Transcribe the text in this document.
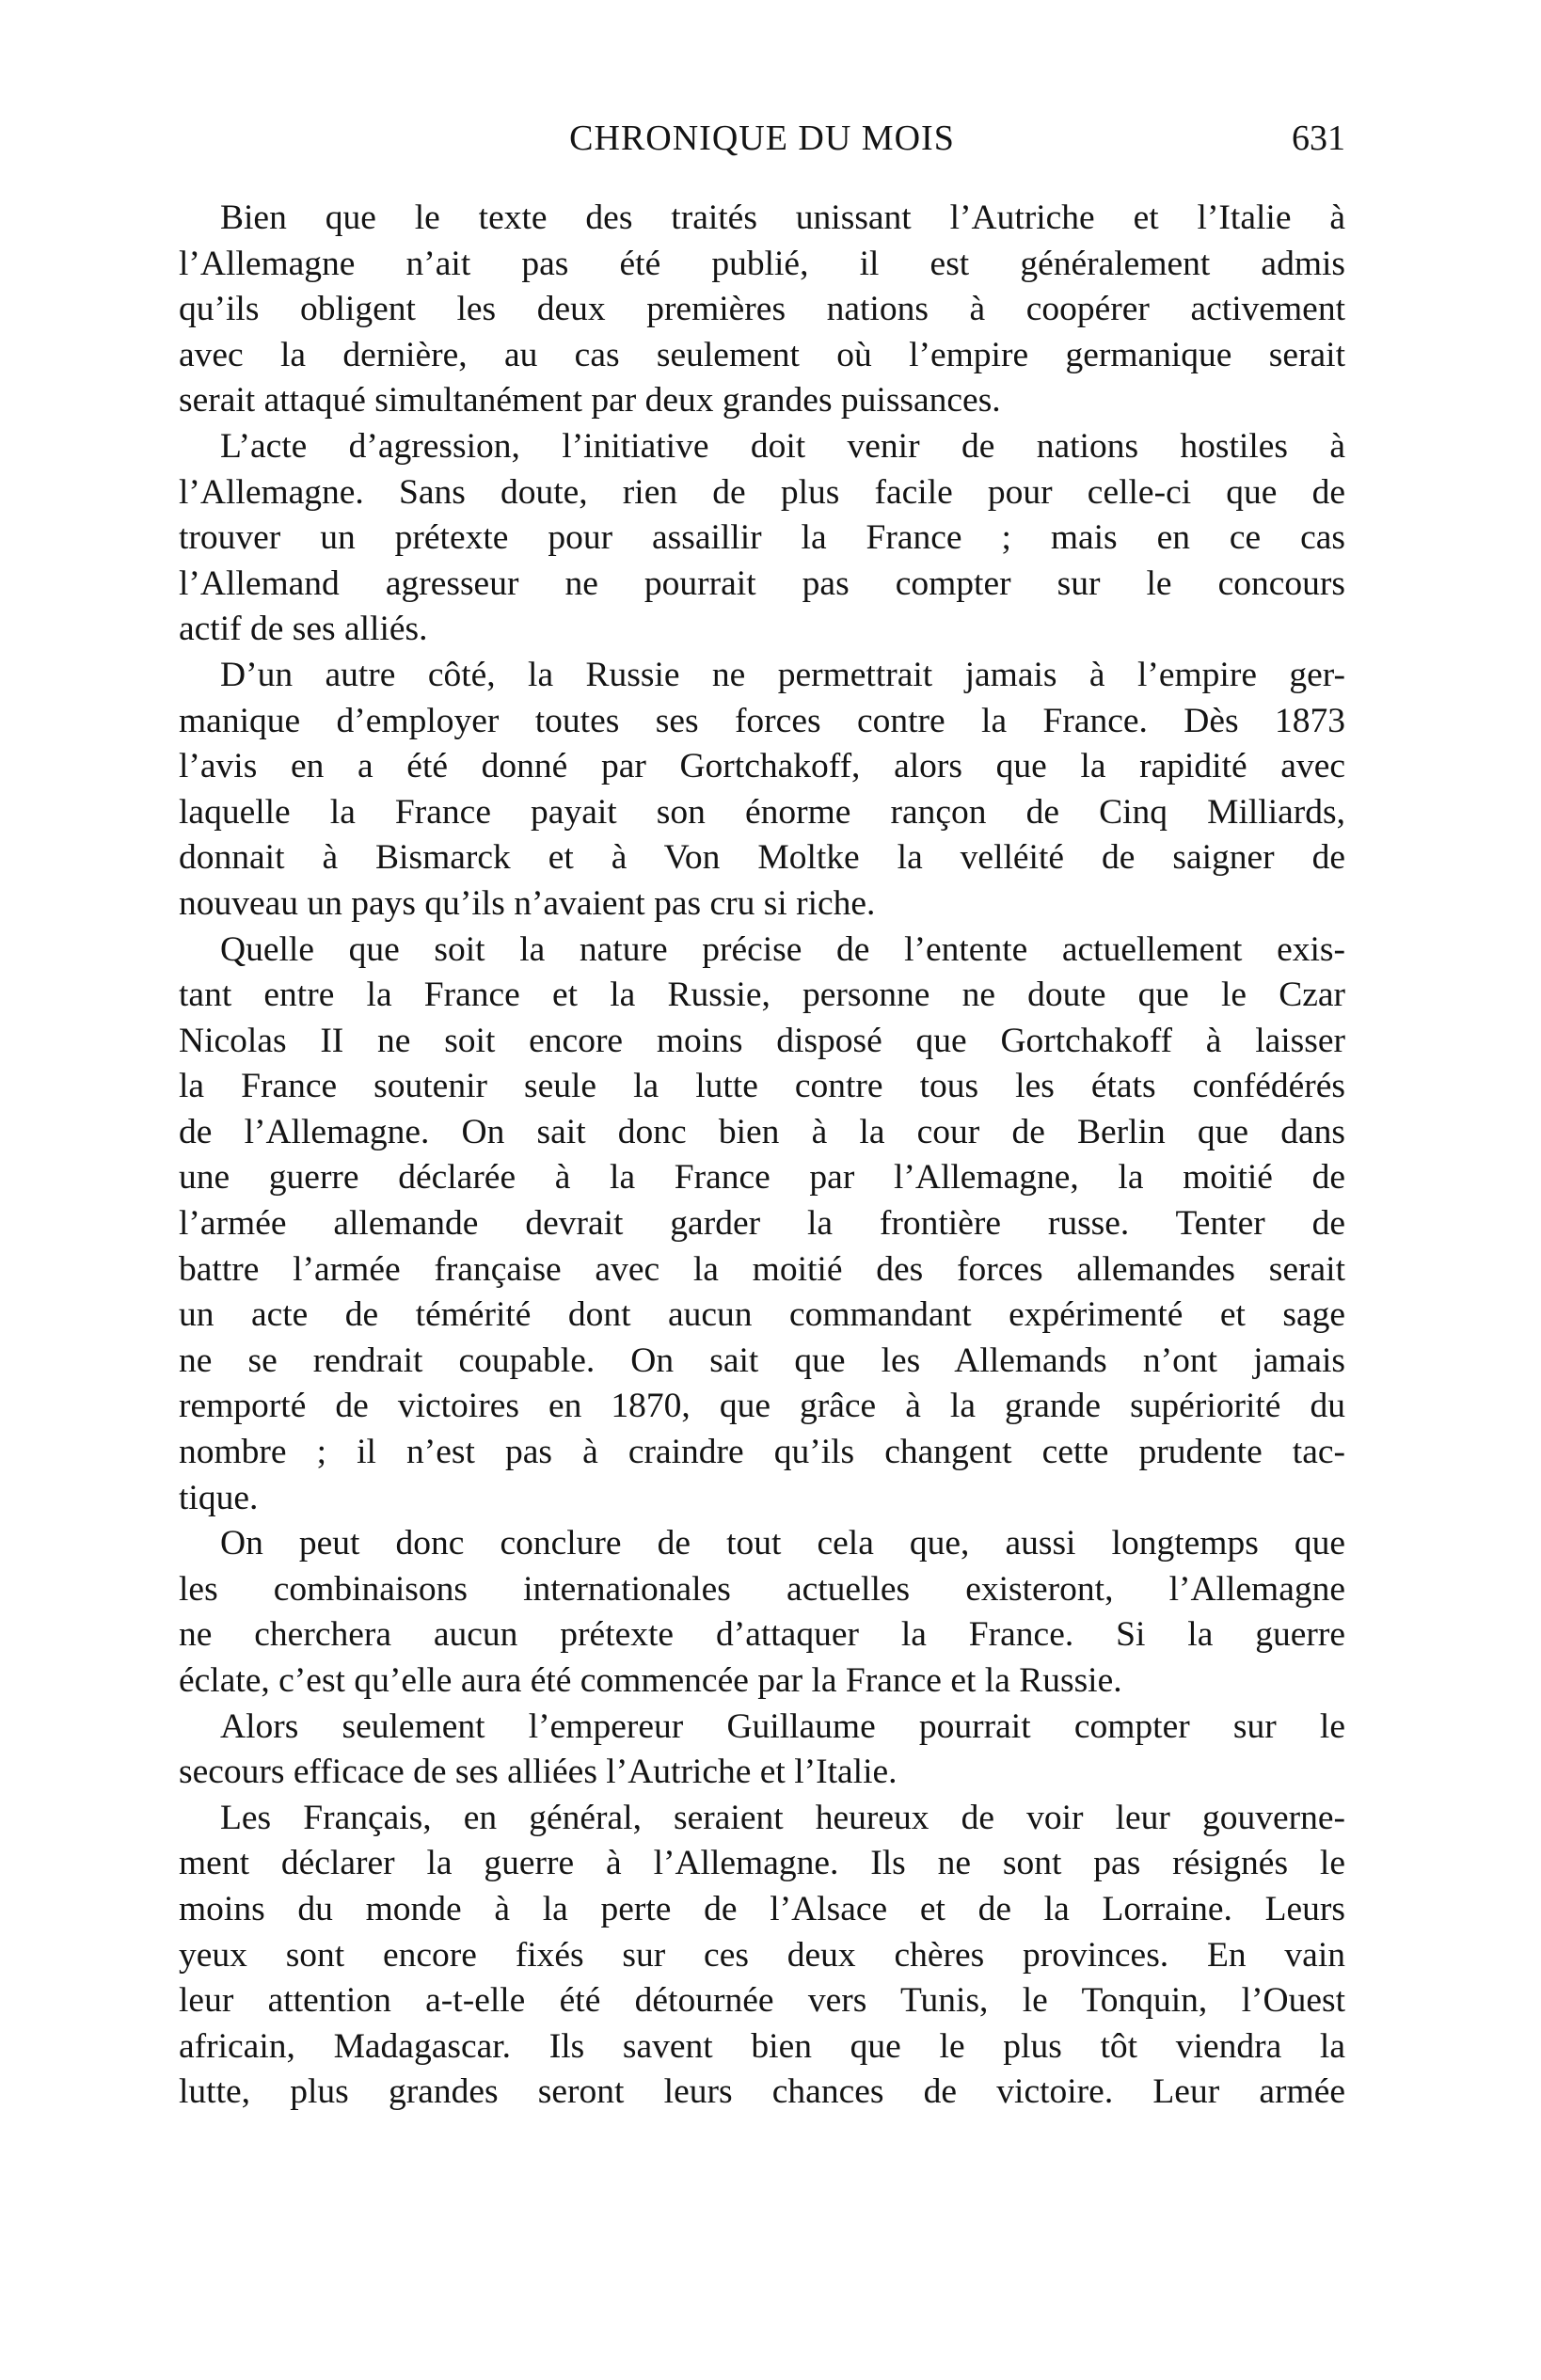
CHRONIQUE DU MOIS	631
Bien que le texte des traités unissant l’Autriche et l’Italie à
l’Allemagne n’ait pas été publié, il est généralement admis
qu’ils obligent les deux premières nations à coopérer activement
avec la dernière, au cas seulement où l’empire germanique serait
serait attaqué simultanément par deux grandes puissances.
L’acte d’agression, l’initiative doit venir de nations hostiles à
l’Allemagne. Sans doute, rien de plus facile pour celle-ci que de
trouver un prétexte pour assaillir la France ; mais en ce cas
l’Allemand agresseur ne pourrait pas compter sur le concours
actif de ses alliés.
D’un autre côté, la Russie ne permettrait jamais à l’empire ger-
manique d’employer toutes ses forces contre la France. Dès 1873
l’avis en a été donné par Gortchakoff, alors que la rapidité avec
laquelle la France payait son énorme rançon de Cinq Milliards,
donnait à Bismarck et à Von Moltke la velléité de saigner de
nouveau un pays qu’ils n’avaient pas cru si riche.
Quelle que soit la nature précise de l’entente actuellement exis-
tant entre la France et la Russie, personne ne doute que le Czar
Nicolas II ne soit encore moins disposé que Gortchakoff à laisser
la France soutenir seule la lutte contre tous les états confédérés
de l’Allemagne. On sait donc bien à la cour de Berlin que dans
une guerre déclarée à la France par l’Allemagne, la moitié de
l’armée allemande devrait garder la frontière russe. Tenter de
battre l’armée française avec la moitié des forces allemandes serait
un acte de témérité dont aucun commandant expérimenté et sage
ne se rendrait coupable. On sait que les Allemands n’ont jamais
remporté de victoires en 1870, que grâce à la grande supériorité du
nombre ; il n’est pas à craindre qu’ils changent cette prudente tac-
tique.
On peut donc conclure de tout cela que, aussi longtemps que
les combinaisons internationales actuelles existeront, l’Allemagne
ne cherchera aucun prétexte d’attaquer la France. Si la guerre
éclate, c’est qu’elle aura été commencée par la France et la Russie.
Alors seulement l’empereur Guillaume pourrait compter sur le
secours efficace de ses alliées l’Autriche et l’Italie.
Les Français, en général, seraient heureux de voir leur gouverne-
ment déclarer la guerre à l’Allemagne. Ils ne sont pas résignés le
moins du monde à la perte de l’Alsace et de la Lorraine. Leurs
yeux sont encore fixés sur ces deux chères provinces. En vain
leur attention a-t-elle été détournée vers Tunis, le Tonquin, l’Ouest
africain, Madagascar. Ils savent bien que le plus tôt viendra la
lutte, plus grandes seront leurs chances de victoire. Leur armée
